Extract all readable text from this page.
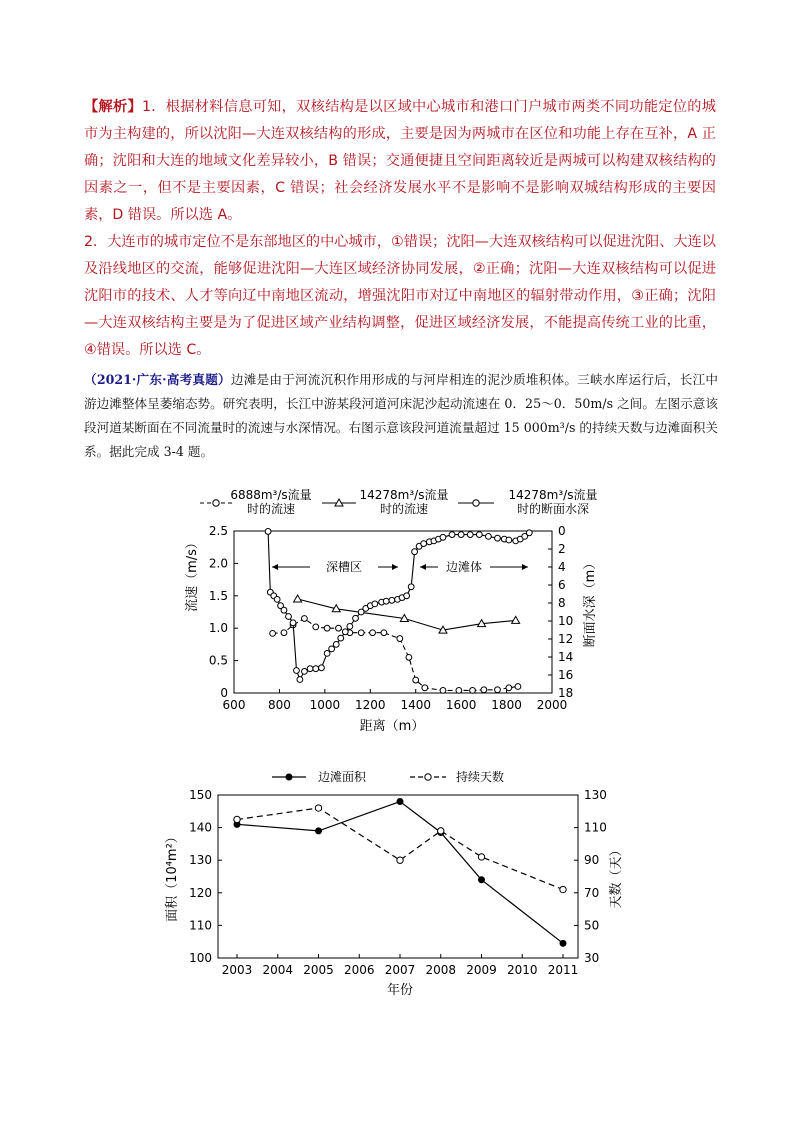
【解析】1．根据材料信息可知，双核结构是以区域中心城市和港口门户城市两类不同功能定位的城市为主构建的，所以沈阳—大连双核结构的形成，主要是因为两城市在区位和功能上存在互补，A 正确；沈阳和大连的地域文化差异较小，B 错误；交通便捷且空间距离较近是两城可以构建双核结构的因素之一，但不是主要因素，C 错误；社会经济发展水平不是影响不是影响双城结构形成的主要因素，D 错误。所以选 A。

2．大连市的城市定位不是东部地区的中心城市，①错误；沈阳—大连双核结构可以促进沈阳、大连以及沿线地区的交流，能够促进沈阳—大连区域经济协同发展，②正确；沈阳—大连双核结构可以促进沈阳市的技术、人才等向辽中南地区流动，增强沈阳市对辽中南地区的辐射带动作用，③正确；沈阳—大连双核结构主要是为了促进区域产业结构调整，促进区域经济发展，不能提高传统工业的比重，④错误。所以选 C。

（2021·广东·高考真题）边滩是由于河流沉积作用形成的与河岸相连的泥沙质堆积体。三峡水库运行后，长江中游边滩整体呈萎缩态势。研究表明，长江中游某段河道河床泥沙起动流速在 0．25～0．50m/s 之间。左图示意该段河道某断面在不同流量时的流速与水深情况。右图示意该段河道流量超过 15 000m³/s 的持续天数与边滩面积关系。据此完成 3-4 题。
6888m³/s流量
时的流速
14278m³/s流量
时的流速
14278m³/s流量
时的断面水深
深槽区	边滩体
600 800 1000 1200 1400 1600 1800 2000
0
0.5
1.0
1.5
2.0
2.5	0
2
4
6
8
10
12
14
16
18
流速（m/s）	断面水深（m）
距离（m）
边滩面积	持续天数
2003 2004 2005 2006 2007 2008 2009 2010 2011
100
110
120
130
140
150
30
50
70
90
110
130
面积（10⁴m²）	天数（天）
年份
